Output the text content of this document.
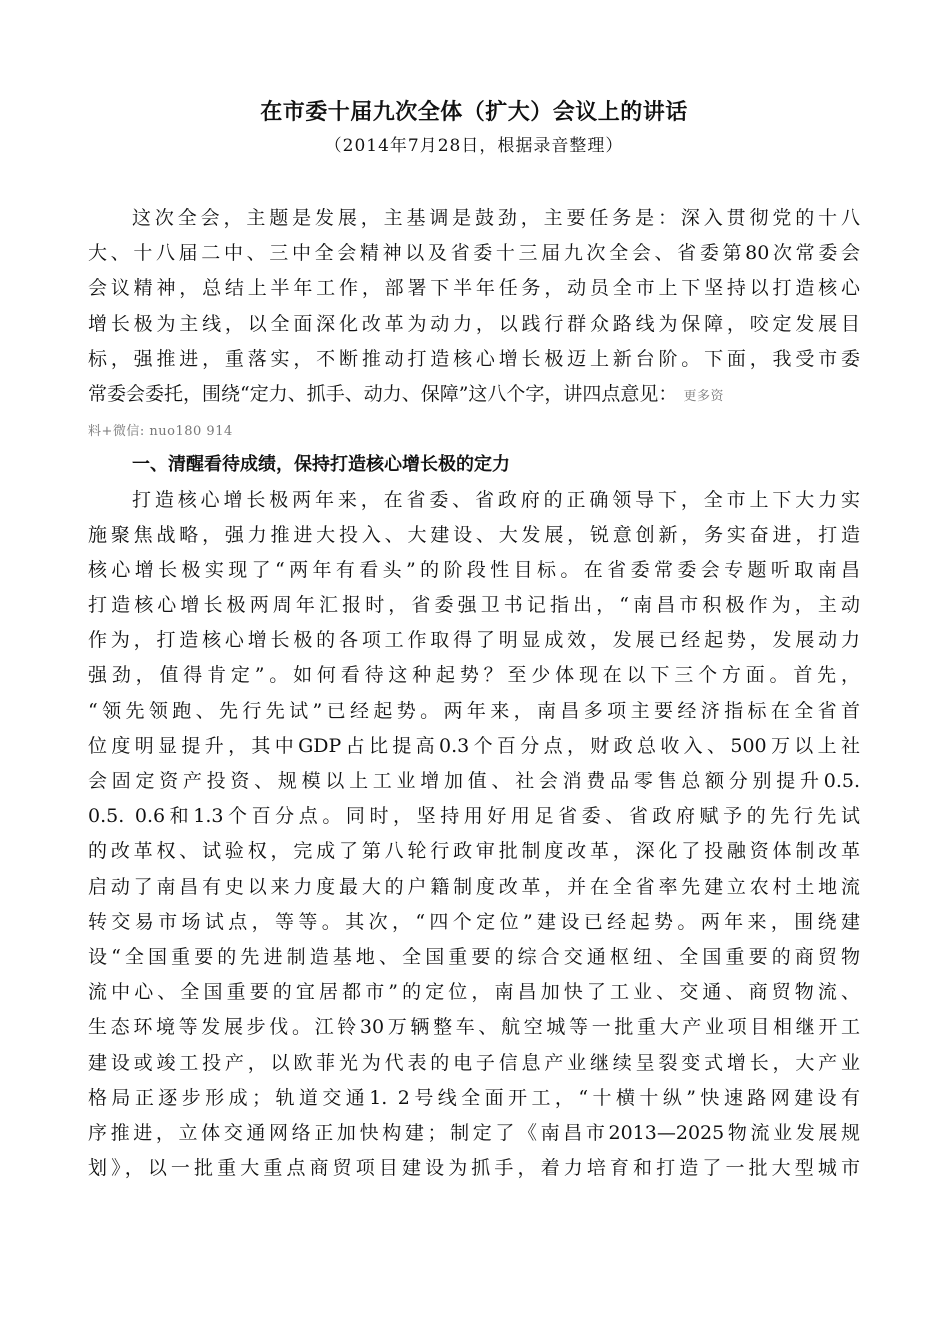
在市委十届九次全体（扩大）会议上的讲话
（2014年7月28日，根据录音整理）
这次全会，主题是发展，主基调是鼓劲，主要任务是：深入贯彻党的十八
大、十八届二中、三中全会精神以及省委十三届九次全会、省委第80次常委会
会议精神，总结上半年工作，部署下半年任务，动员全市上下坚持以打造核心
增长极为主线，以全面深化改革为动力，以践行群众路线为保障，咬定发展目
标，强推进，重落实，不断推动打造核心增长极迈上新台阶。下面，我受市委
常委会委托，围绕“定力、抓手、动力、保障”这八个字，讲四点意见： 更多资
料+微信: nuo180 914
一、清醒看待成绩，保持打造核心增长极的定力
打造核心增长极两年来，在省委、省政府的正确领导下，全市上下大力实
施聚焦战略，强力推进大投入、大建设、大发展，锐意创新，务实奋进，打造
核心增长极实现了“两年有看头”的阶段性目标。在省委常委会专题听取南昌
打造核心增长极两周年汇报时，省委强卫书记指出，“南昌市积极作为，主动
作为，打造核心增长极的各项工作取得了明显成效，发展已经起势，发展动力
强劲，值得肯定”。如何看待这种起势？至少体现在以下三个方面。首先，
“领先领跑、先行先试”已经起势。两年来，南昌多项主要经济指标在全省首
位度明显提升，其中GDP占比提高0.3个百分点，财政总收入、500万以上社
会固定资产投资、规模以上工业增加值、社会消费品零售总额分别提升0.5.
0.5. 0.6和1.3个百分点。同时，坚持用好用足省委、省政府赋予的先行先试
的改革权、试验权，完成了第八轮行政审批制度改革，深化了投融资体制改革
启动了南昌有史以来力度最大的户籍制度改革，并在全省率先建立农村土地流
转交易市场试点，等等。其次，“四个定位”建设已经起势。两年来，围绕建
设“全国重要的先进制造基地、全国重要的综合交通枢纽、全国重要的商贸物
流中心、全国重要的宜居都市”的定位，南昌加快了工业、交通、商贸物流、
生态环境等发展步伐。江铃30万辆整车、航空城等一批重大产业项目相继开工
建设或竣工投产，以欧菲光为代表的电子信息产业继续呈裂变式增长，大产业
格局正逐步形成；轨道交通1. 2号线全面开工，“十横十纵”快速路网建设有
序推进，立体交通网络正加快构建；制定了《南昌市2013—2025物流业发展规
划》，以一批重大重点商贸项目建设为抓手，着力培育和打造了一批大型城市
